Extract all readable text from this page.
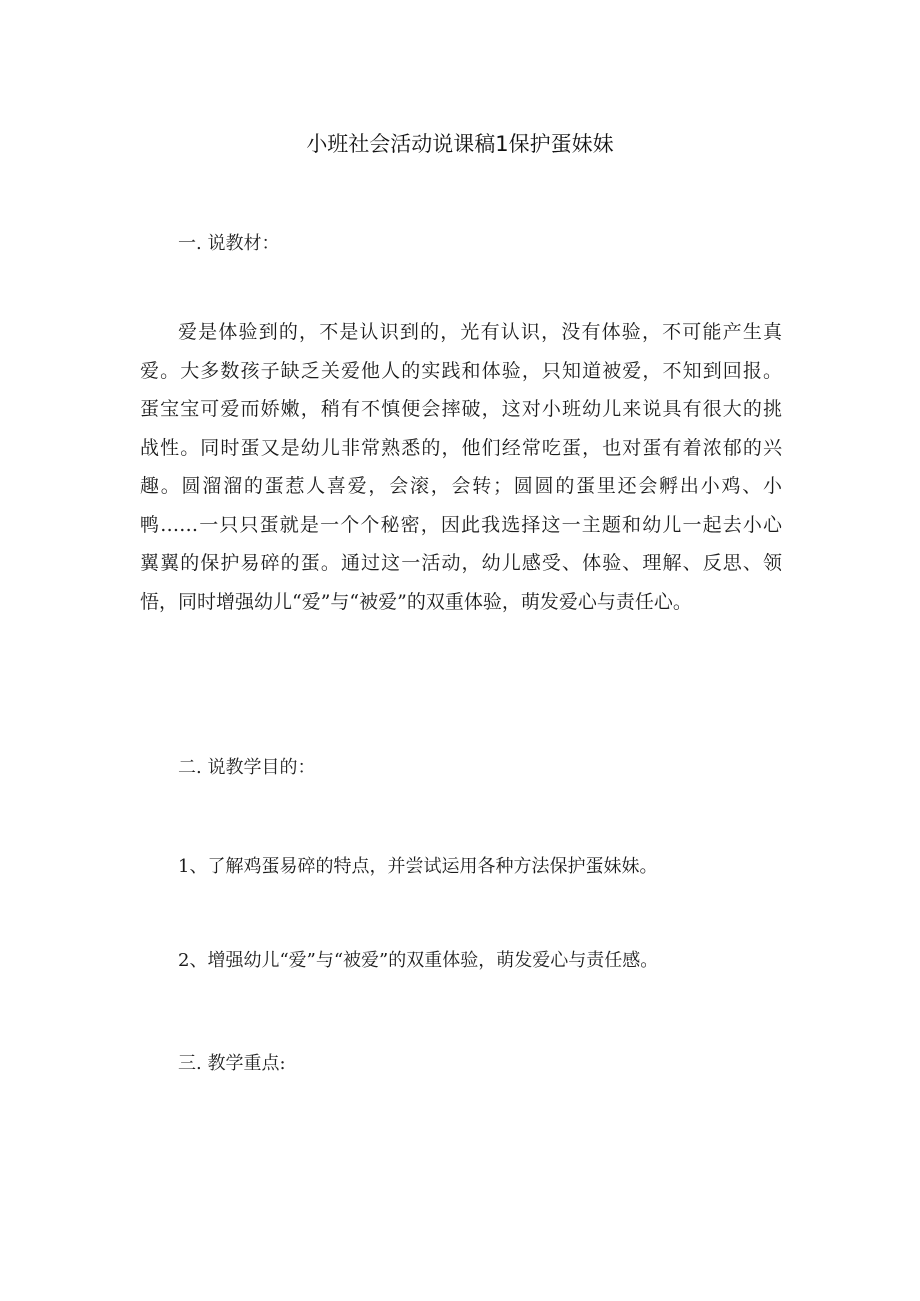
小班社会活动说课稿1保护蛋妹妹
一. 说教材：
爱是体验到的，不是认识到的，光有认识，没有体验，不可能产生真
爱。大多数孩子缺乏关爱他人的实践和体验，只知道被爱，不知到回报。
蛋宝宝可爱而娇嫩，稍有不慎便会摔破，这对小班幼儿来说具有很大的挑
战性。同时蛋又是幼儿非常熟悉的，他们经常吃蛋，也对蛋有着浓郁的兴
趣。圆溜溜的蛋惹人喜爱，会滚，会转；圆圆的蛋里还会孵出小鸡、小
鸭……一只只蛋就是一个个秘密，因此我选择这一主题和幼儿一起去小心
翼翼的保护易碎的蛋。通过这一活动，幼儿感受、体验、理解、反思、领
悟，同时增强幼儿“爱”与“被爱”的双重体验，萌发爱心与责任心。
二. 说教学目的：
1、了解鸡蛋易碎的特点，并尝试运用各种方法保护蛋妹妹。
2、增强幼儿“爱”与“被爱”的双重体验，萌发爱心与责任感。
三. 教学重点:
